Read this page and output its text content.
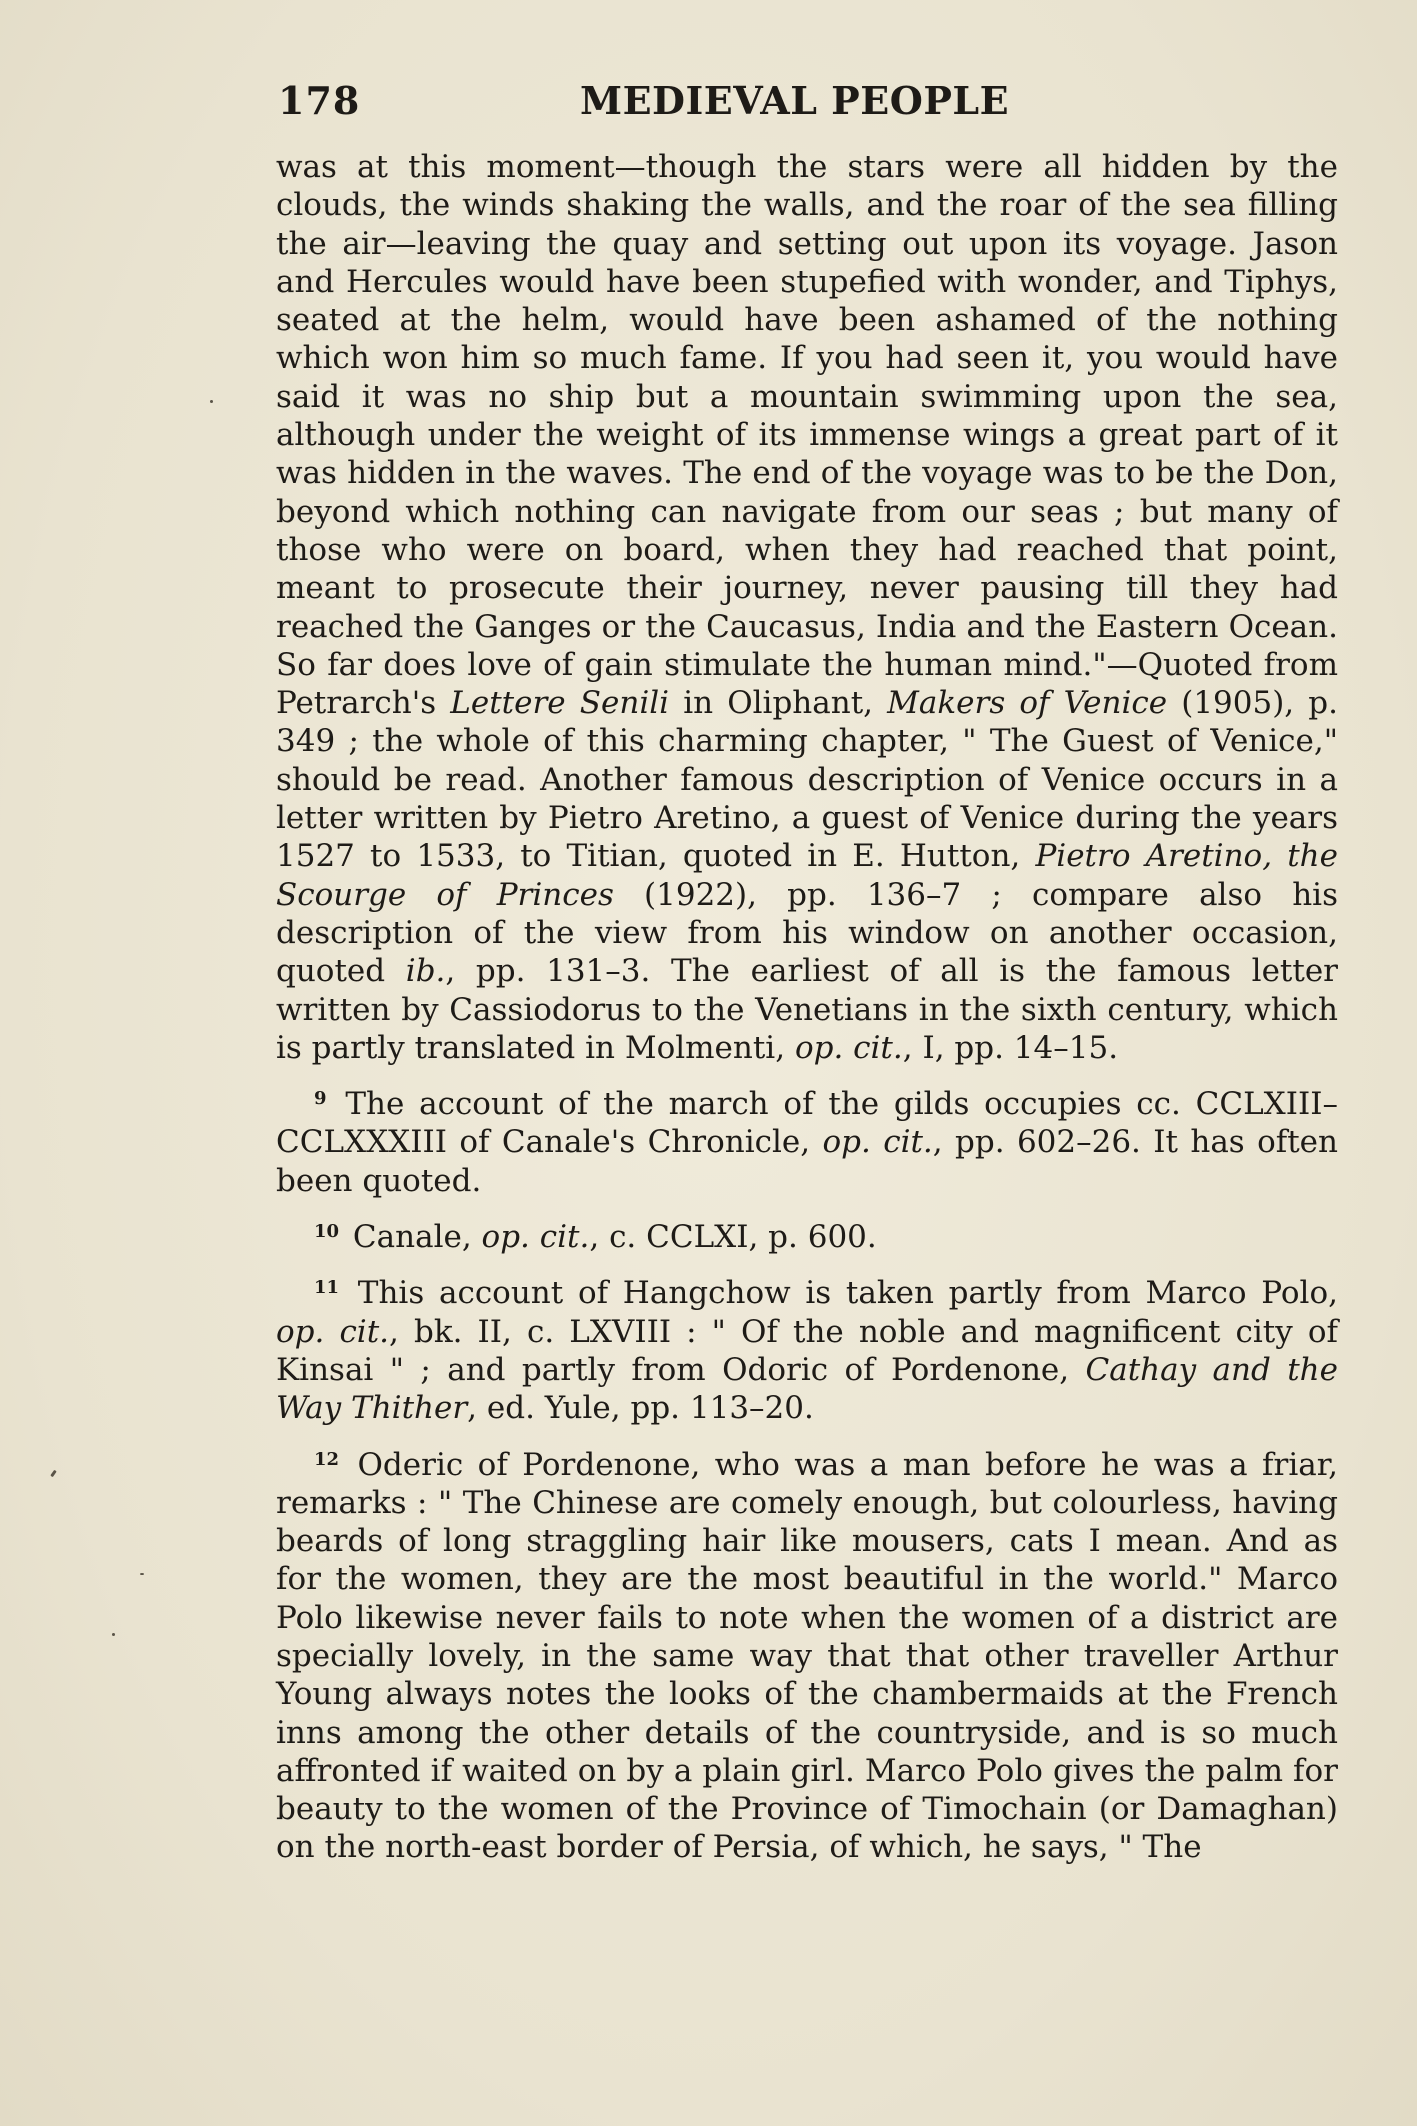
178	MEDIEVAL PEOPLE

was at this moment—though the stars were all hidden by the clouds, the winds shaking the walls, and the roar of the sea filling the air—leaving the quay and setting out upon its voyage. Jason and Hercules would have been stupefied with wonder, and Tiphys, seated at the helm, would have been ashamed of the nothing which won him so much fame. If you had seen it, you would have said it was no ship but a mountain swimming upon the sea, although under the weight of its immense wings a great part of it was hidden in the waves. The end of the voyage was to be the Don, beyond which nothing can navigate from our seas ; but many of those who were on board, when they had reached that point, meant to prosecute their journey, never pausing till they had reached the Ganges or the Caucasus, India and the Eastern Ocean. So far does love of gain stimulate the human mind."—Quoted from Petrarch's Lettere Senili in Oliphant, Makers of Venice (1905), p. 349 ; the whole of this charming chapter, " The Guest of Venice," should be read. Another famous description of Venice occurs in a letter written by Pietro Aretino, a guest of Venice during the years 1527 to 1533, to Titian, quoted in E. Hutton, Pietro Aretino, the Scourge of Princes (1922), pp. 136–7 ; compare also his description of the view from his window on another occasion, quoted ib., pp. 131–3. The earliest of all is the famous letter written by Cassiodorus to the Venetians in the sixth century, which is partly translated in Molmenti, op. cit., I, pp. 14–15.

$^9$ The account of the march of the gilds occupies cc. CCLXIII–CCLXXXIII of Canale's Chronicle, op. cit., pp. 602–26. It has often been quoted.

$^{10}$ Canale, op. cit., c. CCLXI, p. 600.

$^{11}$ This account of Hangchow is taken partly from Marco Polo, op. cit., bk. II, c. LXVIII : " Of the noble and magnificent city of Kinsai " ; and partly from Odoric of Pordenone, Cathay and the Way Thither, ed. Yule, pp. 113–20.

$^{12}$ Oderic of Pordenone, who was a man before he was a friar, remarks : " The Chinese are comely enough, but colourless, having beards of long straggling hair like mousers, cats I mean. And as for the women, they are the most beautiful in the world." Marco Polo likewise never fails to note when the women of a district are specially lovely, in the same way that that other traveller Arthur Young always notes the looks of the chambermaids at the French inns among the other details of the countryside, and is so much affronted if waited on by a plain girl. Marco Polo gives the palm for beauty to the women of the Province of Timochain (or Damaghan) on the north-east border of Persia, of which, he says, " The
